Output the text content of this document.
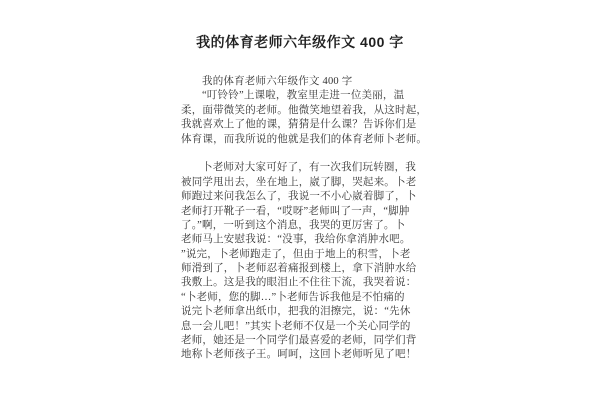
我的体育老师六年级作文 400 字
我的体育老师六年级作文 400 字
“叮铃铃”上课啦，教室里走进一位美丽，温
柔，面带微笑的老师。他微笑地望着我，从这时起，
我就喜欢上了他的课，猜猜是什么课？告诉你们是
体育课，而我所说的他就是我们的体育老师卜老师。
卜老师对大家可好了，有一次我们玩转圈，我
被同学甩出去，坐在地上，崴了脚，哭起来。卜老
师跑过来问我怎么了，我说一不小心崴着脚了，卜
老师打开靴子一看，“哎呀”老师叫了一声，“脚肿
了。”啊，一听到这个消息，我哭的更厉害了。卜
老师马上安慰我说：“没事，我给你拿消肿水吧。
”说完，卜老师跑走了，但由于地上的积雪，卜老
师滑到了，卜老师忍着痛报到楼上，拿下消肿水给
我敷上。这是我的眼泪止不住往下流，我哭着说：
“卜老师，您的脚…”卜老师告诉我他是不怕痛的
说完卜老师拿出纸巾，把我的泪擦完，说：“先休
息一会儿吧！”其实卜老师不仅是一个关心同学的
老师，她还是一个同学们最喜爱的老师，同学们背
地称卜老师孩子王。呵呵，这回卜老师听见了吧！
